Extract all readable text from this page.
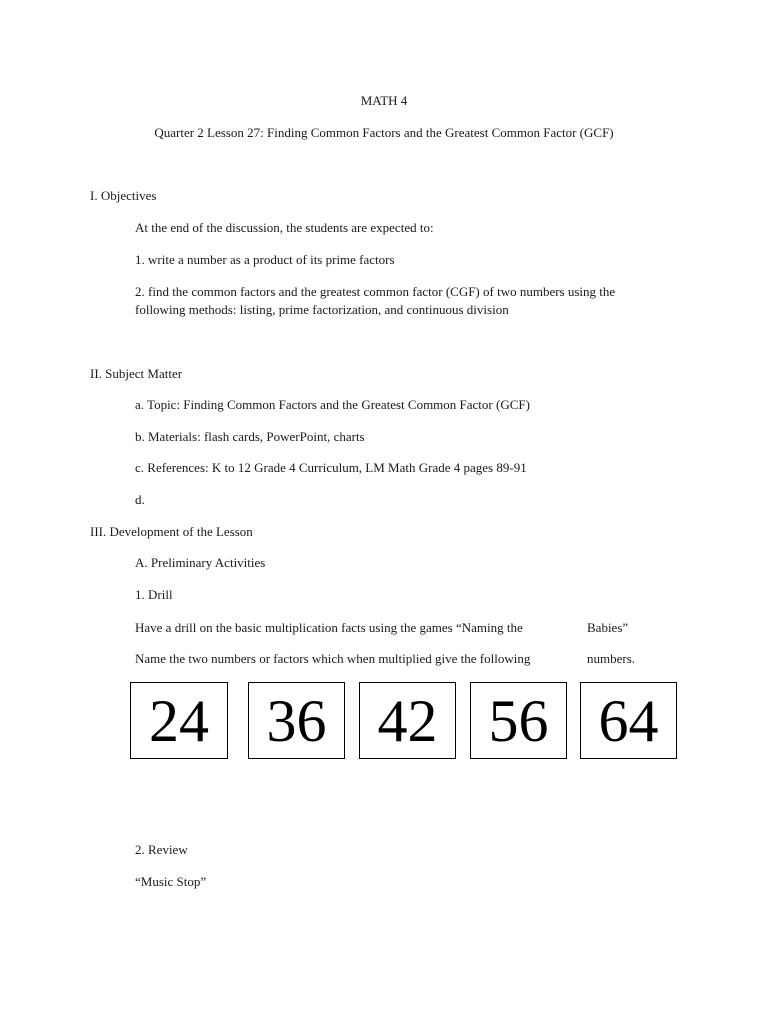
MATH 4
Quarter 2 Lesson 27: Finding Common Factors and the Greatest Common Factor (GCF)
I. Objectives
At the end of the discussion, the students are expected to:
1. write a number as a product of its prime factors
2. find the common factors and the greatest common factor (CGF) of two numbers using the
following methods: listing, prime factorization, and continuous division
II. Subject Matter
a. Topic: Finding Common Factors and the Greatest Common Factor (GCF)
b. Materials: flash cards, PowerPoint, charts
c. References: K to 12 Grade 4 Curriculum, LM Math Grade 4 pages 89-91
d.
III. Development of the Lesson
A. Preliminary Activities
1. Drill
Have a drill on the basic multiplication facts using the games “Naming the	Babies”
Name the two numbers or factors which when multiplied give the following	numbers.
24 36 42 56 64
2. Review
“Music Stop”
